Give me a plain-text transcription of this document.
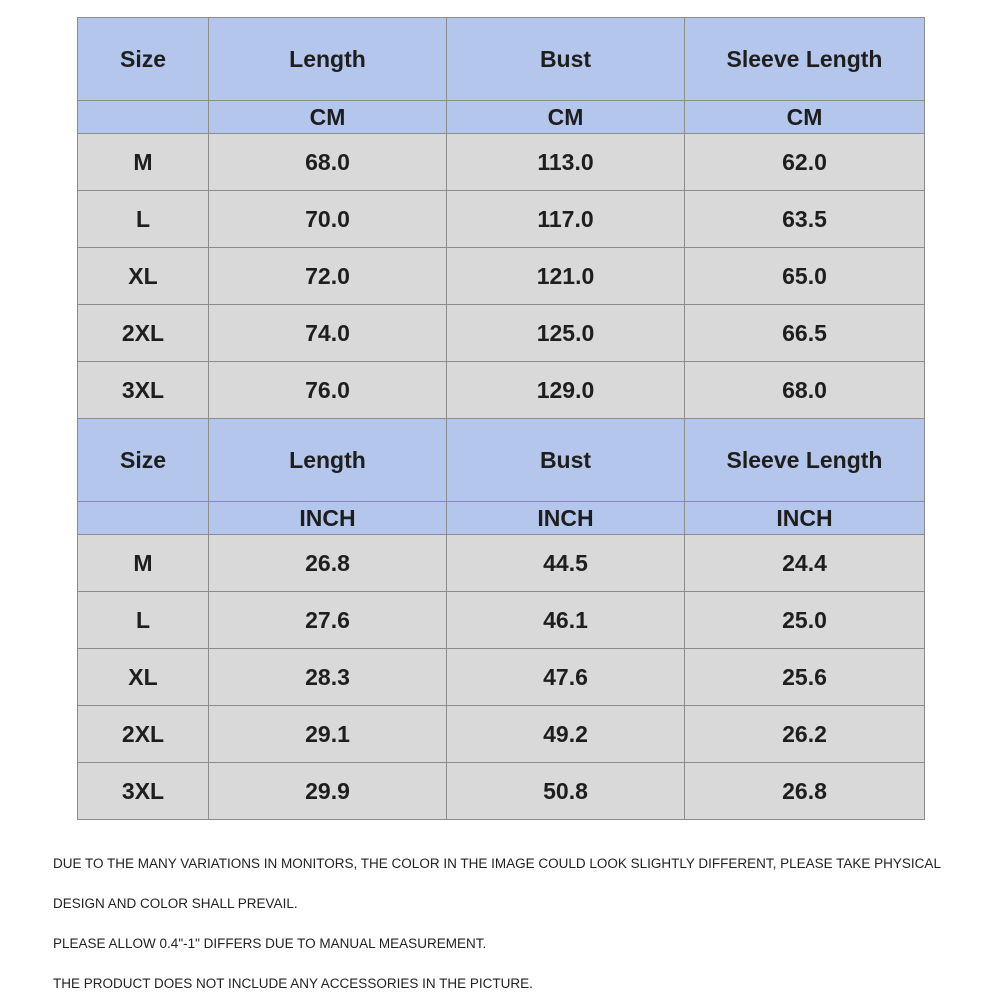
Size	Length	Bust	Sleeve Length
	CM	CM	CM
M	68.0	113.0	62.0
L	70.0	117.0	63.5
XL	72.0	121.0	65.0
2XL	74.0	125.0	66.5
3XL	76.0	129.0	68.0
Size	Length	Bust	Sleeve Length
	INCH	INCH	INCH
M	26.8	44.5	24.4
L	27.6	46.1	25.0
XL	28.3	47.6	25.6
2XL	29.1	49.2	26.2
3XL	29.9	50.8	26.8
DUE TO THE MANY VARIATIONS IN MONITORS, THE COLOR IN THE IMAGE COULD LOOK SLIGHTLY DIFFERENT, PLEASE TAKE PHYSICAL
DESIGN AND COLOR SHALL PREVAIL.
PLEASE ALLOW 0.4"-1" DIFFERS DUE TO MANUAL MEASUREMENT.
THE PRODUCT DOES NOT INCLUDE ANY ACCESSORIES IN THE PICTURE.
